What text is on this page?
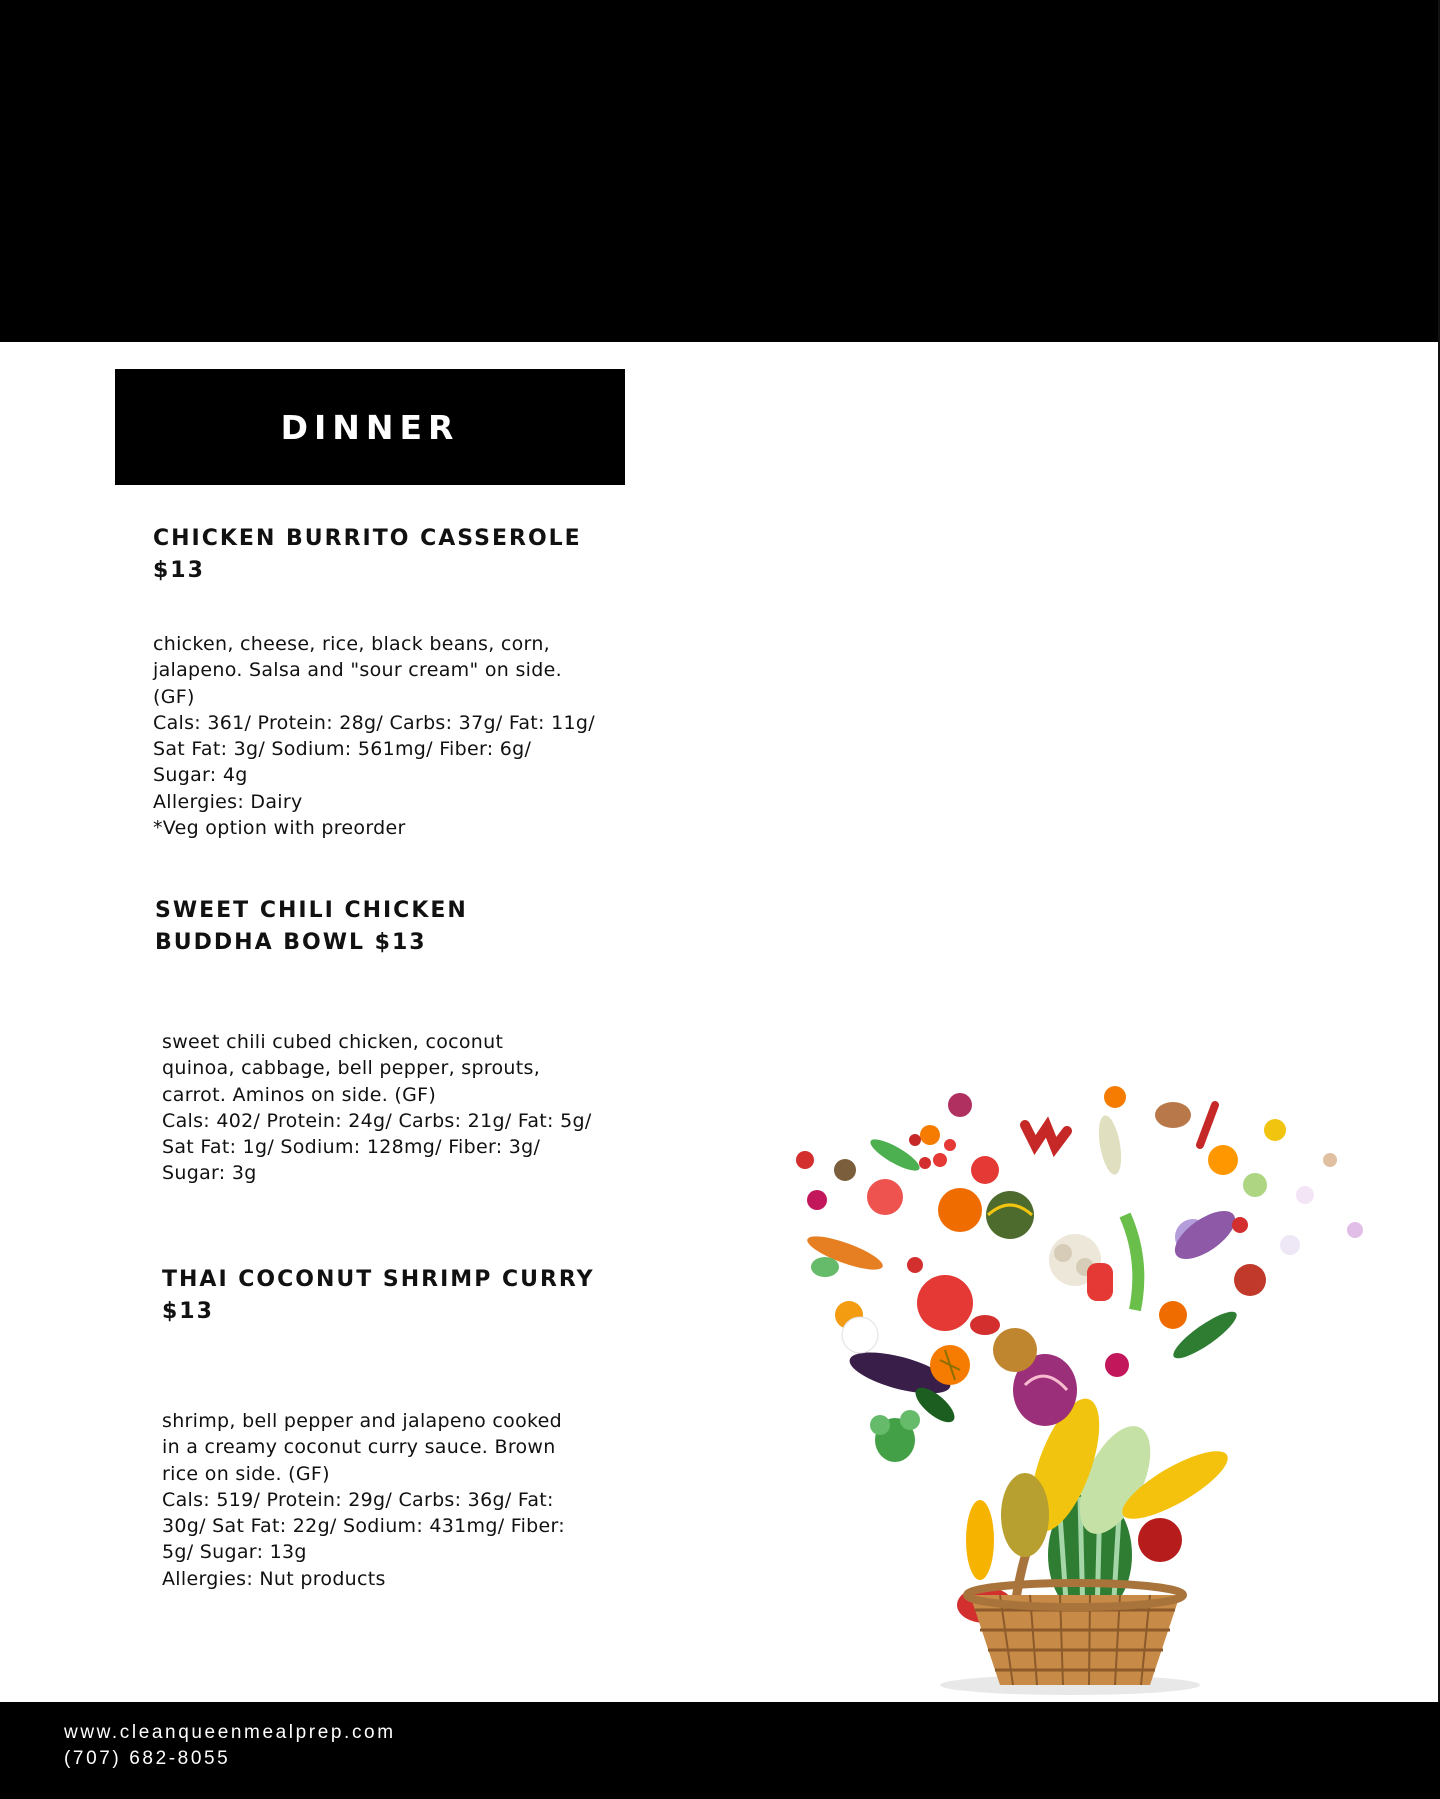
DINNER
CHICKEN BURRITO CASSEROLE
$13
chicken, cheese, rice, black beans, corn,
jalapeno. Salsa and "sour cream" on side.
(GF)
Cals: 361/ Protein: 28g/ Carbs: 37g/ Fat: 11g/
Sat Fat: 3g/ Sodium: 561mg/ Fiber: 6g/
Sugar: 4g
Allergies: Dairy
*Veg option with preorder
SWEET CHILI CHICKEN
BUDDHA BOWL $13
sweet chili cubed chicken, coconut
quinoa, cabbage, bell pepper, sprouts,
carrot. Aminos on side. (GF)
Cals: 402/ Protein: 24g/ Carbs: 21g/ Fat: 5g/
Sat Fat: 1g/ Sodium: 128mg/ Fiber: 3g/
Sugar: 3g
THAI COCONUT SHRIMP CURRY
$13
shrimp, bell pepper and jalapeno cooked
in a creamy coconut curry sauce. Brown
rice on side. (GF)
Cals: 519/ Protein: 29g/ Carbs: 36g/ Fat:
30g/ Sat Fat: 22g/ Sodium: 431mg/ Fiber:
5g/ Sugar: 13g
Allergies: Nut products
www.cleanqueenmealprep.com
(707) 682-8055
